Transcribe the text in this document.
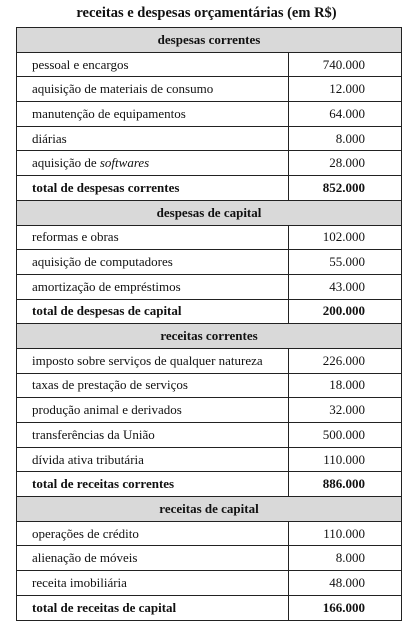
receitas e despesas orçamentárias (em R$)
despesas correntes	
pessoal e encargos	740.000
aquisição de materiais de consumo	12.000
manutenção de equipamentos	64.000
diárias	8.000
aquisição de softwares	28.000
total de despesas correntes	852.000
despesas de capital	
reformas e obras	102.000
aquisição de computadores	55.000
amortização de empréstimos	43.000
total de despesas de capital	200.000
receitas correntes	
imposto sobre serviços de qualquer natureza	226.000
taxas de prestação de serviços	18.000
produção animal e derivados	32.000
transferências da União	500.000
dívida ativa tributária	110.000
total de receitas correntes	886.000
receitas de capital	
operações de crédito	110.000
alienação de móveis	8.000
receita imobiliária	48.000
total de receitas de capital	166.000
